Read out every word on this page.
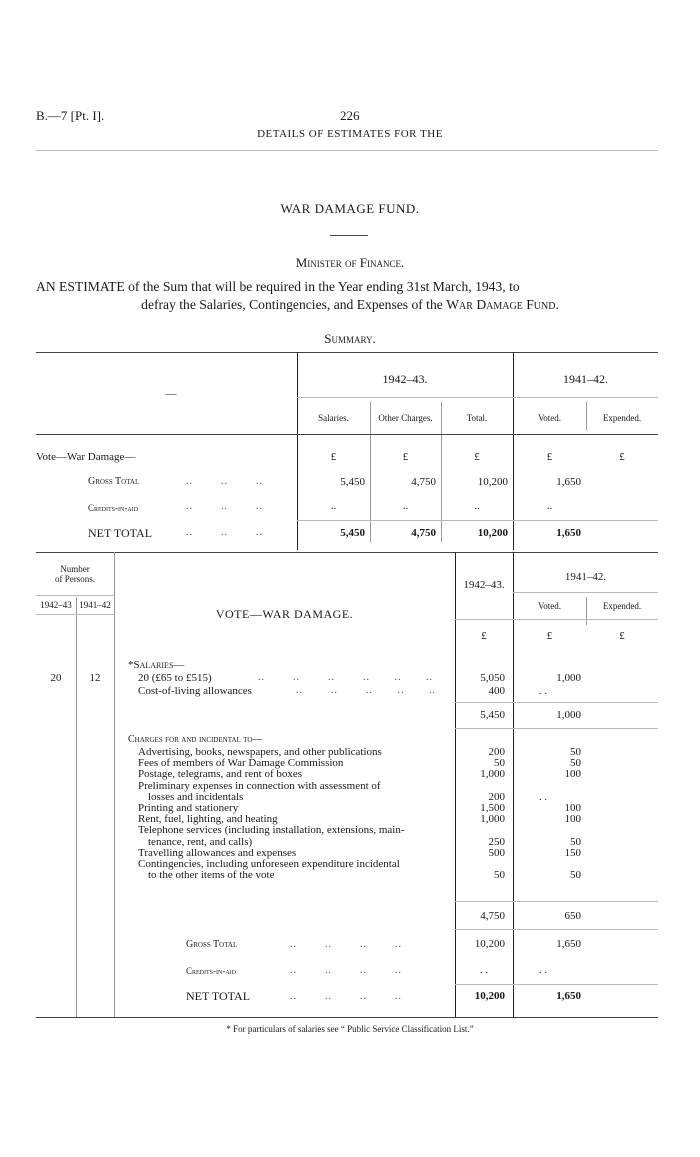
B.—7 [Pt. I].	226
DETAILS OF ESTIMATES FOR THE
WAR DAMAGE FUND.
Minister of Finance.
AN ESTIMATE of the Sum that will be required in the Year ending 31st March, 1943, to
defray the Salaries, Contingencies, and Expenses of the War Damage Fund.
Summary.
—
1942–43.	1941–42.
Salaries.	Other Charges.	Total.	Voted.	Expended.
Vote—War Damage—	£	£	£	£	£
Gross Total	..        ..        ..	5,450	4,750	10,200	1,650
Credits-in-aid	..        ..        ..	..	..	..	..
NET TOTAL	..        ..        ..	5,450	4,750	10,200	1,650
Number
of Persons.
1942–43 1941–42
VOTE—WAR DAMAGE.
1942–43.
1941–42.
Voted.	Expended.
£	£	£
*Salaries—
20	12	20 (£65 to £515)	..        ..        ..        ..       ..       ..	5,050	1,000
Cost-of-living allowances	..        ..        ..       ..       ..	400	. .
5,450	1,000
Charges for and incidental to—
Advertising, books, newspapers, and other publications	200	50
Fees of members of War Damage Commission	50	50
Postage, telegrams, and rent of boxes	1,000	100
Preliminary expenses in connection with assessment of
losses and incidentals	200	. .
Printing and stationery	1,500	100
Rent, fuel, lighting, and heating	1,000	100
Telephone services (including installation, extensions, main-
tenance, rent, and calls)	250	50
Travelling allowances and expenses	500	150
Contingencies, including unforeseen expenditure incidental
to the other items of the vote	50	50
4,750	650
Gross Total	..        ..        ..        ..	10,200	1,650
Credits-in-aid	..        ..        ..        ..	. .	. .
NET TOTAL	..        ..        ..        ..	10,200	1,650
* For particulars of salaries see “ Public Service Classification List.”
